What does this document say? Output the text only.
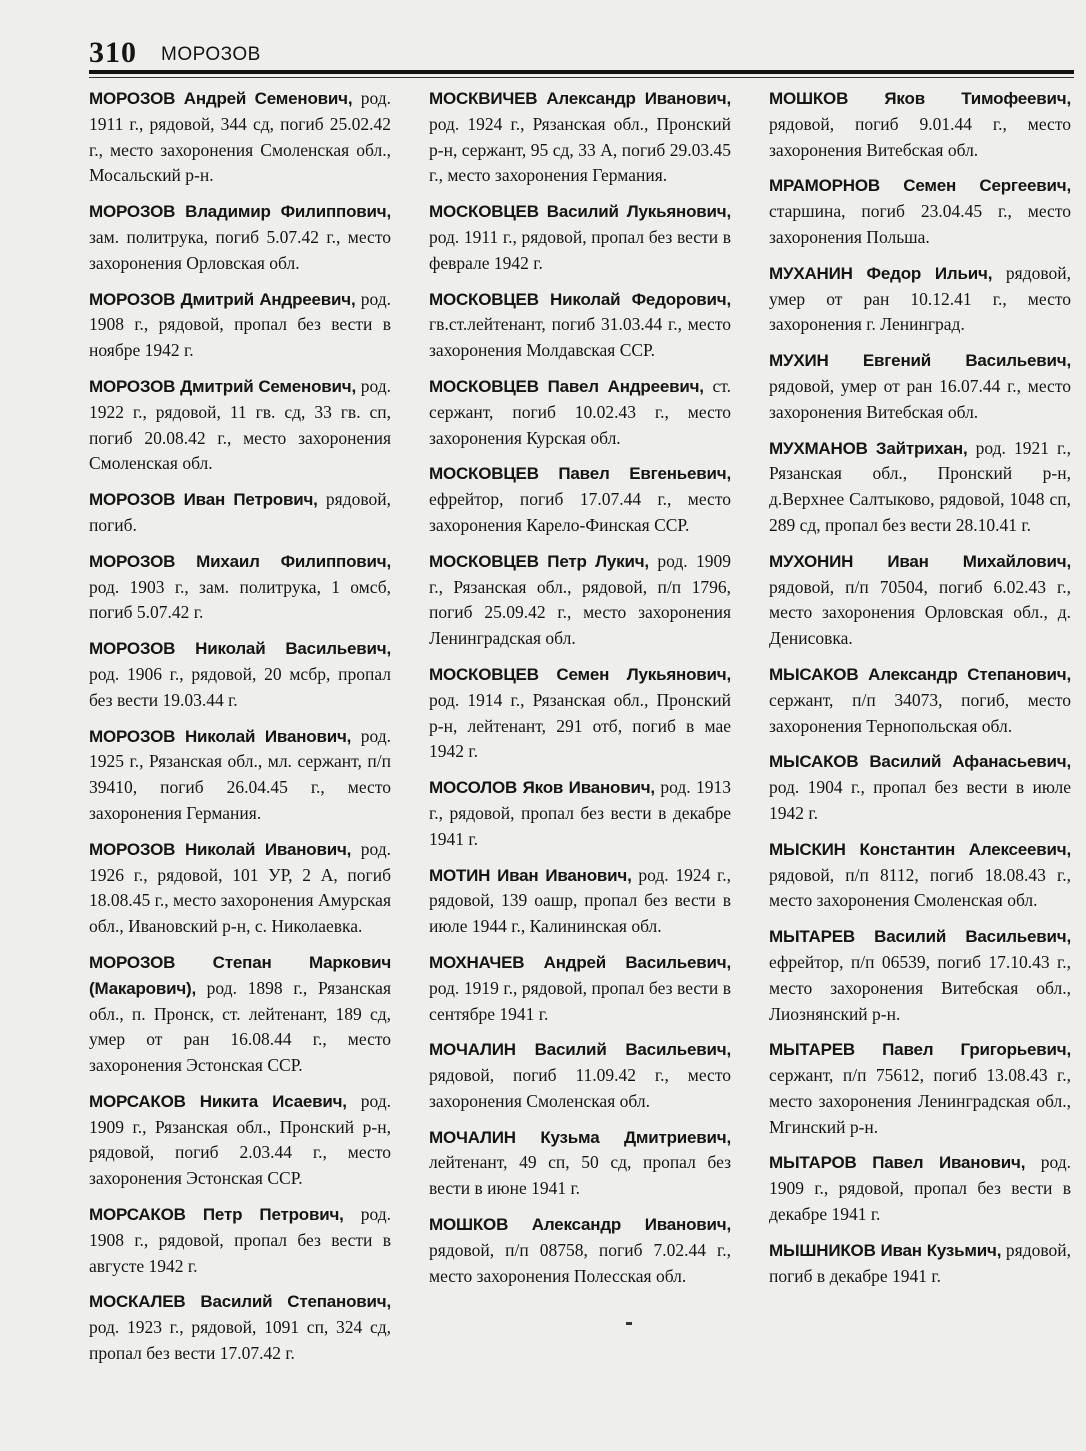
310 МОРОЗОВ

МОРОЗОВ Андрей Семенович, род. 1911 г., рядовой, 344 сд, погиб 25.02.42 г., место захоронения Смоленская обл., Мосальский р-н.

МОРОЗОВ Владимир Филиппович, зам. политрука, погиб 5.07.42 г., место захоронения Орловская обл.

МОРОЗОВ Дмитрий Андреевич, род. 1908 г., рядовой, пропал без вести в ноябре 1942 г.

МОРОЗОВ Дмитрий Семенович, род. 1922 г., рядовой, 11 гв. сд, 33 гв. сп, погиб 20.08.42 г., место захоронения Смоленская обл.

МОРОЗОВ Иван Петрович, рядовой, погиб.

МОРОЗОВ Михаил Филиппович, род. 1903 г., зам. политрука, 1 омсб, погиб 5.07.42 г.

МОРОЗОВ Николай Васильевич, род. 1906 г., рядовой, 20 мсбр, пропал без вести 19.03.44 г.

МОРОЗОВ Николай Иванович, род. 1925 г., Рязанская обл., мл. сержант, п/п 39410, погиб 26.04.45 г., место захоронения Германия.

МОРОЗОВ Николай Иванович, род. 1926 г., рядовой, 101 УР, 2 А, погиб 18.08.45 г., место захоронения Амурская обл., Ивановский р-н, с. Николаевка.

МОРОЗОВ Степан Маркович (Макарович), род. 1898 г., Рязанская обл., п. Пронск, ст. лейтенант, 189 сд, умер от ран 16.08.44 г., место захоронения Эстонская ССР.

МОРСАКОВ Никита Исаевич, род. 1909 г., Рязанская обл., Пронский р-н, рядовой, погиб 2.03.44 г., место захоронения Эстонская ССР.

МОРСАКОВ Петр Петрович, род. 1908 г., рядовой, пропал без вести в августе 1942 г.

МОСКАЛЕВ Василий Степанович, род. 1923 г., рядовой, 1091 сп, 324 сд, пропал без вести 17.07.42 г.

МОСКВИЧЕВ Александр Иванович, род. 1924 г., Рязанская обл., Пронский р-н, сержант, 95 сд, 33 А, погиб 29.03.45 г., место захоронения Германия.

МОСКОВЦЕВ Василий Лукьянович, род. 1911 г., рядовой, пропал без вести в феврале 1942 г.

МОСКОВЦЕВ Николай Федорович, гв.ст.лейтенант, погиб 31.03.44 г., место захоронения Молдавская ССР.

МОСКОВЦЕВ Павел Андреевич, ст. сержант, погиб 10.02.43 г., место захоронения Курская обл.

МОСКОВЦЕВ Павел Евгеньевич, ефрейтор, погиб 17.07.44 г., место захоронения Карело-Финская ССР.

МОСКОВЦЕВ Петр Лукич, род. 1909 г., Рязанская обл., рядовой, п/п 1796, погиб 25.09.42 г., место захоронения Ленинградская обл.

МОСКОВЦЕВ Семен Лукьянович, род. 1914 г., Рязанская обл., Пронский р-н, лейтенант, 291 отб, погиб в мае 1942 г.

МОСОЛОВ Яков Иванович, род. 1913 г., рядовой, пропал без вести в декабре 1941 г.

МОТИН Иван Иванович, род. 1924 г., рядовой, 139 оашр, пропал без вести в июле 1944 г., Калининская обл.

МОХНАЧЕВ Андрей Васильевич, род. 1919 г., рядовой, пропал без вести в сентябре 1941 г.

МОЧАЛИН Василий Васильевич, рядовой, погиб 11.09.42 г., место захоронения Смоленская обл.

МОЧАЛИН Кузьма Дмитриевич, лейтенант, 49 сп, 50 сд, пропал без вести в июне 1941 г.

МОШКОВ Александр Иванович, рядовой, п/п 08758, погиб 7.02.44 г., место захоронения Полесская обл.

МОШКОВ Яков Тимофеевич, рядовой, погиб 9.01.44 г., место захоронения Витебская обл.

МРАМОРНОВ Семен Сергеевич, старшина, погиб 23.04.45 г., место захоронения Польша.

МУХАНИН Федор Ильич, рядовой, умер от ран 10.12.41 г., место захоронения г. Ленинград.

МУХИН Евгений Васильевич, рядовой, умер от ран 16.07.44 г., место захоронения Витебская обл.

МУХМАНОВ Зайтрихан, род. 1921 г., Рязанская обл., Пронский р-н, д.Верхнее Салтыково, рядовой, 1048 сп, 289 сд, пропал без вести 28.10.41 г.

МУХОНИН Иван Михайлович, рядовой, п/п 70504, погиб 6.02.43 г., место захоронения Орловская обл., д. Денисовка.

МЫСАКОВ Александр Степанович, сержант, п/п 34073, погиб, место захоронения Тернопольская обл.

МЫСАКОВ Василий Афанасьевич, род. 1904 г., пропал без вести в июле 1942 г.

МЫСКИН Константин Алексеевич, рядовой, п/п 8112, погиб 18.08.43 г., место захоронения Смоленская обл.

МЫТАРЕВ Василий Васильевич, ефрейтор, п/п 06539, погиб 17.10.43 г., место захоронения Витебская обл., Лиознянский р-н.

МЫТАРЕВ Павел Григорьевич, сержант, п/п 75612, погиб 13.08.43 г., место захоронения Ленинградская обл., Мгинский р-н.

МЫТАРОВ Павел Иванович, род. 1909 г., рядовой, пропал без вести в декабре 1941 г.

МЫШНИКОВ Иван Кузьмич, рядовой, погиб в декабре 1941 г.
